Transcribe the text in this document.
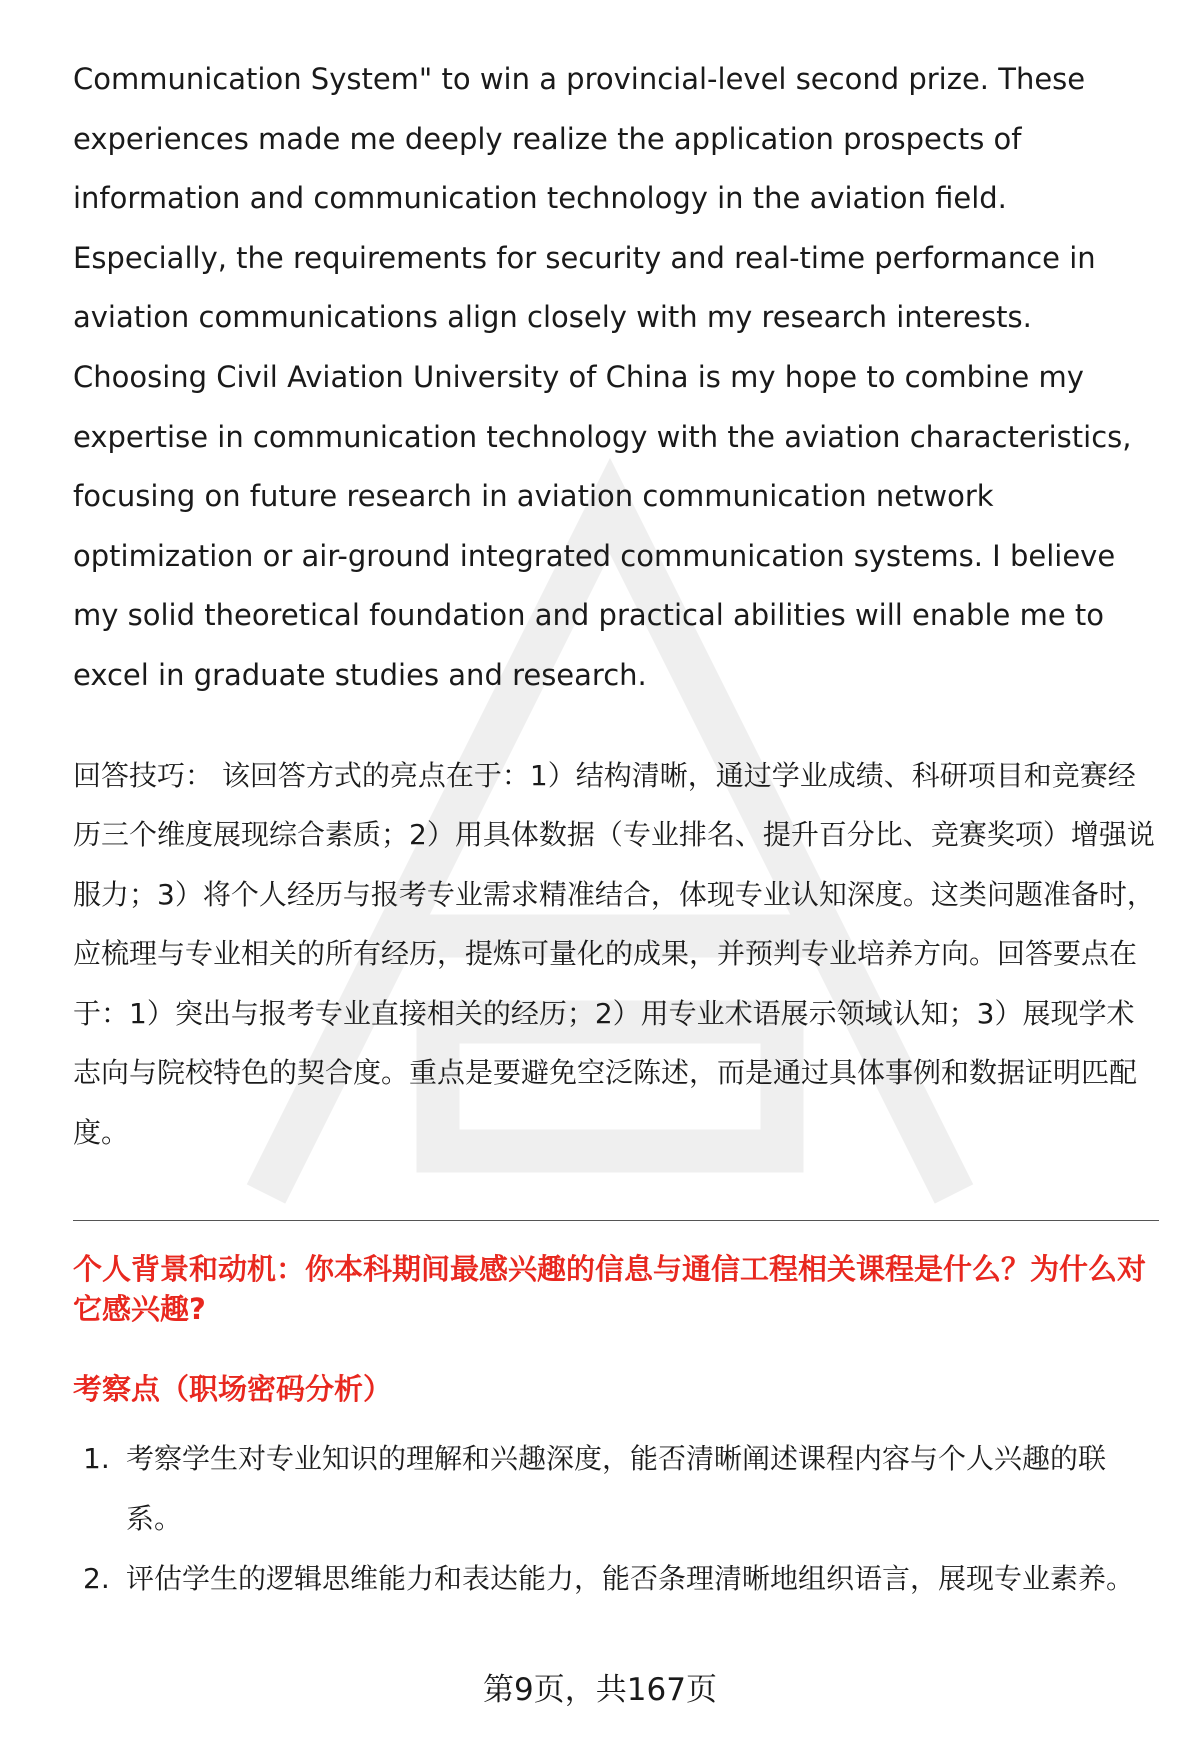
Communication System" to win a provincial-level second prize. These experiences made me deeply realize the application prospects of information and communication technology in the aviation field. Especially, the requirements for security and real-time performance in aviation communications align closely with my research interests. Choosing Civil Aviation University of China is my hope to combine my expertise in communication technology with the aviation characteristics, focusing on future research in aviation communication network optimization or air-ground integrated communication systems. I believe my solid theoretical foundation and practical abilities will enable me to excel in graduate studies and research.

回答技巧： 该回答方式的亮点在于：1）结构清晰，通过学业成绩、科研项目和竞赛经历三个维度展现综合素质；2）用具体数据（专业排名、提升百分比、竞赛奖项）增强说服力；3）将个人经历与报考专业需求精准结合，体现专业认知深度。这类问题准备时，应梳理与专业相关的所有经历，提炼可量化的成果，并预判专业培养方向。回答要点在于：1）突出与报考专业直接相关的经历；2）用专业术语展示领域认知；3）展现学术志向与院校特色的契合度。重点是要避免空泛陈述，而是通过具体事例和数据证明匹配度。

个人背景和动机：你本科期间最感兴趣的信息与通信工程相关课程是什么？为什么对它感兴趣?

考察点（职场密码分析）

1. 考察学生对专业知识的理解和兴趣深度，能否清晰阐述课程内容与个人兴趣的联系。
2. 评估学生的逻辑思维能力和表达能力，能否条理清晰地组织语言，展现专业素养。
第9页，共167页
